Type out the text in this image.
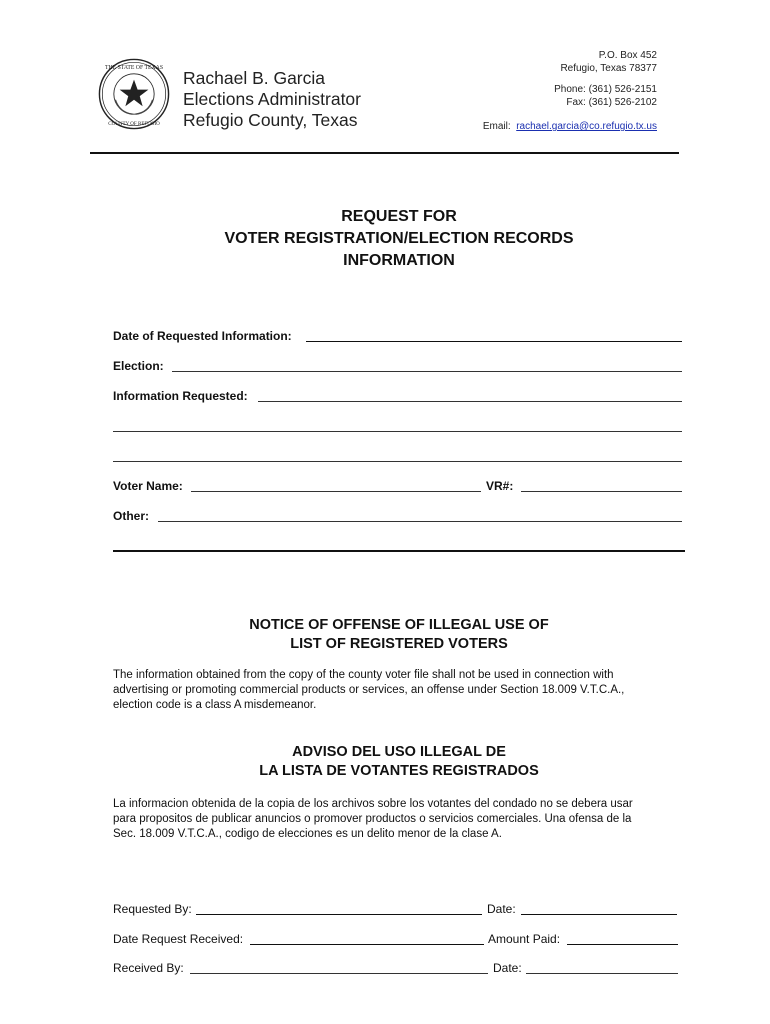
THE STATE OF TEXAS
COUNTY OF REFUGIO
Rachael B. Garcia
Elections Administrator
Refugio County, Texas
P.O. Box 452
Refugio, Texas 78377
Phone: (361) 526-2151
Fax: (361) 526-2102
Email: rachael.garcia@co.refugio.tx.us
REQUEST FOR
VOTER REGISTRATION/ELECTION RECORDS
INFORMATION
Date of Requested Information:
Election:
Information Requested:
Voter Name:	VR#:
Other:
NOTICE OF OFFENSE OF ILLEGAL USE OF
LIST OF REGISTERED VOTERS
The information obtained from the copy of the county voter file shall not be used in connection with
advertising or promoting commercial products or services, an offense under Section 18.009 V.T.C.A.,
election code is a class A misdemeanor.
ADVISO DEL USO ILLEGAL DE
LA LISTA DE VOTANTES REGISTRADOS
La informacion obtenida de la copia de los archivos sobre los votantes del condado no se debera usar
para propositos de publicar anuncios o promover productos o servicios comerciales. Una ofensa de la
Sec. 18.009 V.T.C.A., codigo de elecciones es un delito menor de la clase A.
Requested By:	Date:
Date Request Received:	Amount Paid:
Received By:	Date:
